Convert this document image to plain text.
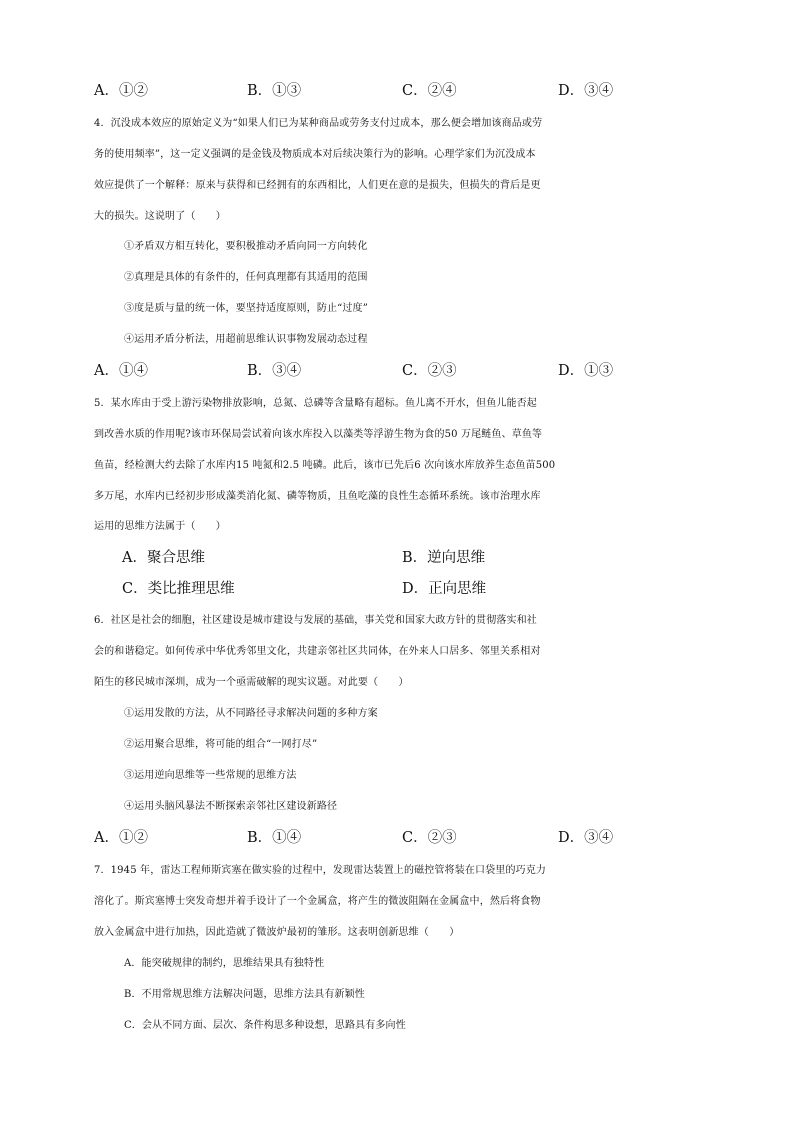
A．①②	B．①③	C．②④	D．③④
4．沉没成本效应的原始定义为“如果人们已为某种商品或劳务支付过成本，那么便会增加该商品或劳
务的使用频率”，这一定义强调的是金钱及物质成本对后续决策行为的影响。心理学家们为沉没成本
效应提供了一个解释：原来与获得和已经拥有的东西相比，人们更在意的是损失，但损失的背后是更
大的损失。这说明了（　　）
①矛盾双方相互转化，要积极推动矛盾向同一方向转化
②真理是具体的有条件的，任何真理都有其适用的范围
③度是质与量的统一体，要坚持适度原则，防止“过度”
④运用矛盾分析法，用超前思维认识事物发展动态过程
A．①④	B．③④	C．②③	D．①③
5．某水库由于受上游污染物排放影响，总氮、总磷等含量略有超标。鱼儿离不开水，但鱼儿能否起
到改善水质的作用呢?该市环保局尝试着向该水库投入以藻类等浮游生物为食的50 万尾鲢鱼、草鱼等
鱼苗，经检测大约去除了水库内15 吨氮和2.5 吨磷。此后，该市已先后6 次向该水库放养生态鱼苗500
多万尾，水库内已经初步形成藻类消化氮、磷等物质，且鱼吃藻的良性生态循环系统。该市治理水库
运用的思维方法属于（　　）
A．聚合思维	B．逆向思维
C．类比推理思维	D．正向思维
6．社区是社会的细胞，社区建设是城市建设与发展的基础，事关党和国家大政方针的贯彻落实和社
会的和谐稳定。如何传承中华优秀邻里文化，共建亲邻社区共同体，在外来人口居多、邻里关系相对
陌生的移民城市深圳，成为一个亟需破解的现实议题。对此要（　　）
①运用发散的方法，从不同路径寻求解决问题的多种方案
②运用聚合思维，将可能的组合“一网打尽”
③运用逆向思维等一些常规的思维方法
④运用头脑风暴法不断探索亲邻社区建设新路径
A．①②	B．①④	C．②③	D．③④
7．1945 年，雷达工程师斯宾塞在做实验的过程中，发现雷达装置上的磁控管将装在口袋里的巧克力
溶化了。斯宾塞博士突发奇想并着手设计了一个金属盒，将产生的微波阻隔在金属盒中，然后将食物
放入金属盒中进行加热，因此造就了微波炉最初的雏形。这表明创新思维（　　）
A．能突破规律的制约，思维结果具有独特性
B．不用常规思维方法解决问题，思维方法具有新颖性
C．会从不同方面、层次、条件构思多种设想，思路具有多向性
